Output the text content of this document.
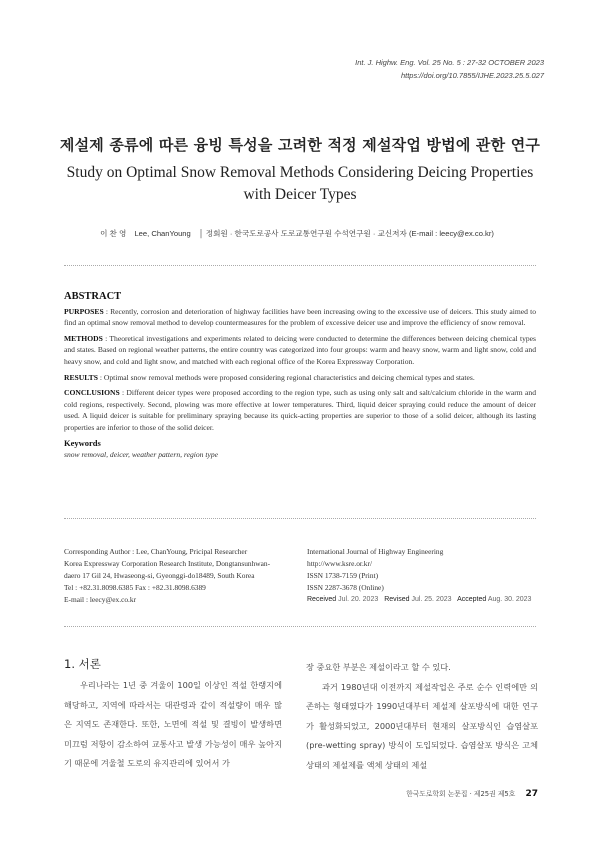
Int. J. Highw. Eng. Vol. 25 No. 5 : 27-32 OCTOBER 2023
https://doi.org/10.7855/IJHE.2023.25.5.027
제설제 종류에 따른 융빙 특성을 고려한 적정 제설작업 방법에 관한 연구
Study on Optimal Snow Removal Methods Considering Deicing Properties with Deicer Types
이 찬 영 Lee, ChanYoung │ 정회원 · 한국도로공사 도로교통연구원 수석연구원 · 교신저자 (E-mail : leecy@ex.co.kr)
ABSTRACT

PURPOSES : Recently, corrosion and deterioration of highway facilities have been increasing owing to the excessive use of deicers. This study aimed to find an optimal snow removal method to develop countermeasures for the problem of excessive deicer use and improve the efficiency of snow removal.

METHODS : Theoretical investigations and experiments related to deicing were conducted to determine the differences between deicing chemical types and states. Based on regional weather patterns, the entire country was categorized into four groups: warm and heavy snow, warm and light snow, cold and heavy snow, and cold and light snow, and matched with each regional office of the Korea Expressway Corporation.

RESULTS : Optimal snow removal methods were proposed considering regional characteristics and deicing chemical types and states.

CONCLUSIONS : Different deicer types were proposed according to the region type, such as using only salt and salt/calcium chloride in the warm and cold regions, respectively. Second, plowing was more effective at lower temperatures. Third, liquid deicer spraying could reduce the amount of deicer used. A liquid deicer is suitable for preliminary spraying because its quick-acting properties are superior to those of a solid deicer, although its lasting properties are inferior to those of the solid deicer.

Keywords
snow removal, deicer, weather pattern, region type
Corresponding Author : Lee, ChanYoung, Pricipal Researcher
Korea Expressway Corporation Research Institute, Dongtansunhwan-daero 17 Gil 24, Hwaseong-si, Gyeonggi-do18489, South Korea
Tel : +82.31.8098.6385 Fax : +82.31.8098.6389
E-mail : leecy@ex.co.kr
International Journal of Highway Engineering
http://www.ksre.or.kr/
ISSN 1738-7159 (Print)
ISSN 2287-3678 (Online)
Received Jul. 20. 2023 Revised Jul. 25. 2023 Accepted Aug. 30. 2023
1. 서론

우리나라는 1년 중 겨울이 100일 이상인 적설 한랭지에 해당하고, 지역에 따라서는 대관령과 같이 적설량이 매우 많은 지역도 존재한다. 또한, 노면에 적설 및 결빙이 발생하면 미끄럼 저항이 감소하여 교통사고 발생 가능성이 매우 높아지기 때문에 겨울철 도로의 유지관리에 있어서 가

장 중요한 부분은 제설이라고 할 수 있다.

과거 1980년대 이전까지 제설작업은 주로 순수 인력에만 의존하는 형태였다가 1990년대부터 제설제 살포방식에 대한 연구가 활성화되었고, 2000년대부터 현재의 살포방식인 습염살포(pre-wetting spray) 방식이 도입되었다. 습염살포 방식은 고체 상태의 제설제를 액체 상태의 제설

한국도로학회 논문집 · 제25권 제5호 27
